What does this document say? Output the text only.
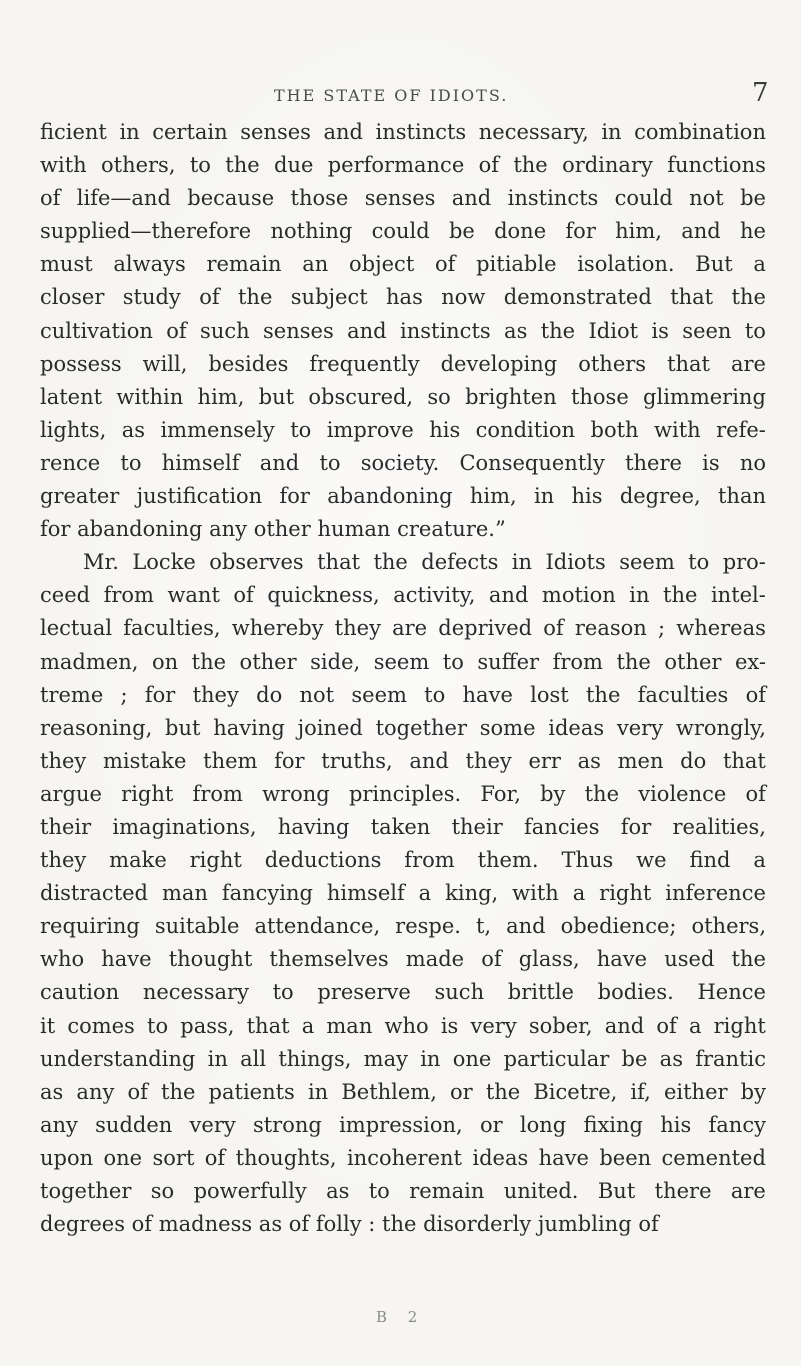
THE STATE OF IDIOTS.	7
ficient in certain senses and instincts necessary, in combination
with others, to the due performance of the ordinary functions
of life—and because those senses and instincts could not be
supplied—therefore nothing could be done for him, and he
must always remain an object of pitiable isolation. But a
closer study of the subject has now demonstrated that the
cultivation of such senses and instincts as the Idiot is seen to
possess will, besides frequently developing others that are
latent within him, but obscured, so brighten those glimmering
lights, as immensely to improve his condition both with refe-
rence to himself and to society. Consequently there is no
greater justification for abandoning him, in his degree, than
for abandoning any other human creature.”
Mr. Locke observes that the defects in Idiots seem to pro-
ceed from want of quickness, activity, and motion in the intel-
lectual faculties, whereby they are deprived of reason ; whereas
madmen, on the other side, seem to suffer from the other ex-
treme ; for they do not seem to have lost the faculties of
reasoning, but having joined together some ideas very wrongly,
they mistake them for truths, and they err as men do that
argue right from wrong principles. For, by the violence of
their imaginations, having taken their fancies for realities,
they make right deductions from them. Thus we find a
distracted man fancying himself a king, with a right inference
requiring suitable attendance, respe. t, and obedience; others,
who have thought themselves made of glass, have used the
caution necessary to preserve such brittle bodies. Hence
it comes to pass, that a man who is very sober, and of a right
understanding in all things, may in one particular be as frantic
as any of the patients in Bethlem, or the Bicetre, if, either by
any sudden very strong impression, or long fixing his fancy
upon one sort of thoughts, incoherent ideas have been cemented
together so powerfully as to remain united. But there are
degrees of madness as of folly : the disorderly jumbling of
B 2
